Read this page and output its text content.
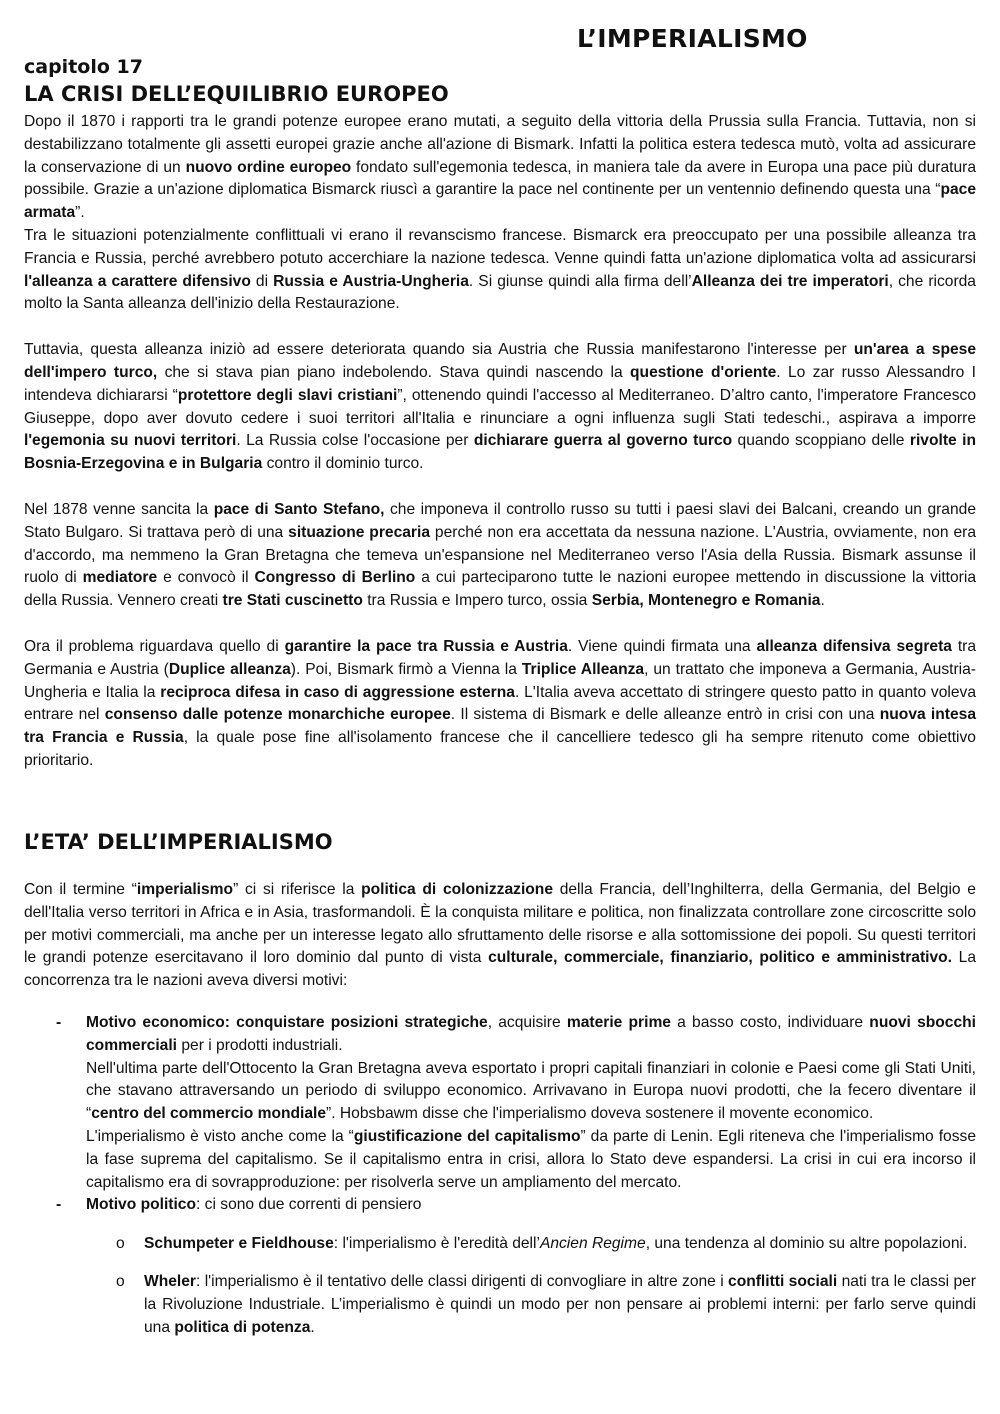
L’IMPERIALISMO
capitolo 17
LA CRISI DELL’EQUILIBRIO EUROPEO

Dopo il 1870 i rapporti tra le grandi potenze europee erano mutati, a seguito della vittoria della Prussia sulla Francia. Tuttavia, non si destabilizzano totalmente gli assetti europei grazie anche all'azione di Bismark. Infatti la politica estera tedesca mutò, volta ad assicurare la conservazione di un nuovo ordine europeo fondato sull'egemonia tedesca, in maniera tale da avere in Europa una pace più duratura possibile. Grazie a un'azione diplomatica Bismarck riuscì a garantire la pace nel continente per un ventennio definendo questa una “pace armata”.

Tra le situazioni potenzialmente conflittuali vi erano il revanscismo francese. Bismarck era preoccupato per una possibile alleanza tra Francia e Russia, perché avrebbero potuto accerchiare la nazione tedesca. Venne quindi fatta un'azione diplomatica volta ad assicurarsi l'alleanza a carattere difensivo di Russia e Austria-Ungheria. Si giunse quindi alla firma dell’Alleanza dei tre imperatori, che ricorda molto la Santa alleanza dell'inizio della Restaurazione.

Tuttavia, questa alleanza iniziò ad essere deteriorata quando sia Austria che Russia manifestarono l'interesse per un'area a spese dell'impero turco, che si stava pian piano indebolendo. Stava quindi nascendo la questione d'oriente. Lo zar russo Alessandro I intendeva dichiararsi “protettore degli slavi cristiani”, ottenendo quindi l'accesso al Mediterraneo. D’altro canto, l'imperatore Francesco Giuseppe, dopo aver dovuto cedere i suoi territori all'Italia e rinunciare a ogni influenza sugli Stati tedeschi., aspirava a imporre l'egemonia su nuovi territori. La Russia colse l'occasione per dichiarare guerra al governo turco quando scoppiano delle rivolte in Bosnia-Erzegovina e in Bulgaria contro il dominio turco.

Nel 1878 venne sancita la pace di Santo Stefano, che imponeva il controllo russo su tutti i paesi slavi dei Balcani, creando un grande Stato Bulgaro. Si trattava però di una situazione precaria perché non era accettata da nessuna nazione. L'Austria, ovviamente, non era d'accordo, ma nemmeno la Gran Bretagna che temeva un'espansione nel Mediterraneo verso l'Asia della Russia. Bismark assunse il ruolo di mediatore e convocò il Congresso di Berlino a cui parteciparono tutte le nazioni europee mettendo in discussione la vittoria della Russia. Vennero creati tre Stati cuscinetto tra Russia e Impero turco, ossia Serbia, Montenegro e Romania.

Ora il problema riguardava quello di garantire la pace tra Russia e Austria. Viene quindi firmata una alleanza difensiva segreta tra Germania e Austria (Duplice alleanza). Poi, Bismark firmò a Vienna la Triplice Alleanza, un trattato che imponeva a Germania, Austria-Ungheria e Italia la reciproca difesa in caso di aggressione esterna. L'Italia aveva accettato di stringere questo patto in quanto voleva entrare nel consenso dalle potenze monarchiche europee. Il sistema di Bismark e delle alleanze entrò in crisi con una nuova intesa tra Francia e Russia, la quale pose fine all'isolamento francese che il cancelliere tedesco gli ha sempre ritenuto come obiettivo prioritario.

L’ETA’ DELL’IMPERIALISMO

Con il termine “imperialismo” ci si riferisce la politica di colonizzazione della Francia, dell’Inghilterra, della Germania, del Belgio e dell'Italia verso territori in Africa e in Asia, trasformandoli. È la conquista militare e politica, non finalizzata controllare zone circoscritte solo per motivi commerciali, ma anche per un interesse legato allo sfruttamento delle risorse e alla sottomissione dei popoli. Su questi territori le grandi potenze esercitavano il loro dominio dal punto di vista culturale, commerciale, finanziario, politico e amministrativo. La concorrenza tra le nazioni aveva diversi motivi:

- Motivo economico: conquistare posizioni strategiche, acquisire materie prime a basso costo, individuare nuovi sbocchi commerciali per i prodotti industriali.

Nell'ultima parte dell'Ottocento la Gran Bretagna aveva esportato i propri capitali finanziari in colonie e Paesi come gli Stati Uniti, che stavano attraversando un periodo di sviluppo economico. Arrivavano in Europa nuovi prodotti, che la fecero diventare il “centro del commercio mondiale”. Hobsbawm disse che l'imperialismo doveva sostenere il movente economico.

L'imperialismo è visto anche come la “giustificazione del capitalismo” da parte di Lenin. Egli riteneva che l'imperialismo fosse la fase suprema del capitalismo. Se il capitalismo entra in crisi, allora lo Stato deve espandersi. La crisi in cui era incorso il capitalismo era di sovrapproduzione: per risolverla serve un ampliamento del mercato.

- Motivo politico: ci sono due correnti di pensiero

o Schumpeter e Fieldhouse: l'imperialismo è l'eredità dell’Ancien Regime, una tendenza al dominio su altre popolazioni.

o Wheler: l'imperialismo è il tentativo delle classi dirigenti di convogliare in altre zone i conflitti sociali nati tra le classi per la Rivoluzione Industriale. L’imperialismo è quindi un modo per non pensare ai problemi interni: per farlo serve quindi una politica di potenza.
